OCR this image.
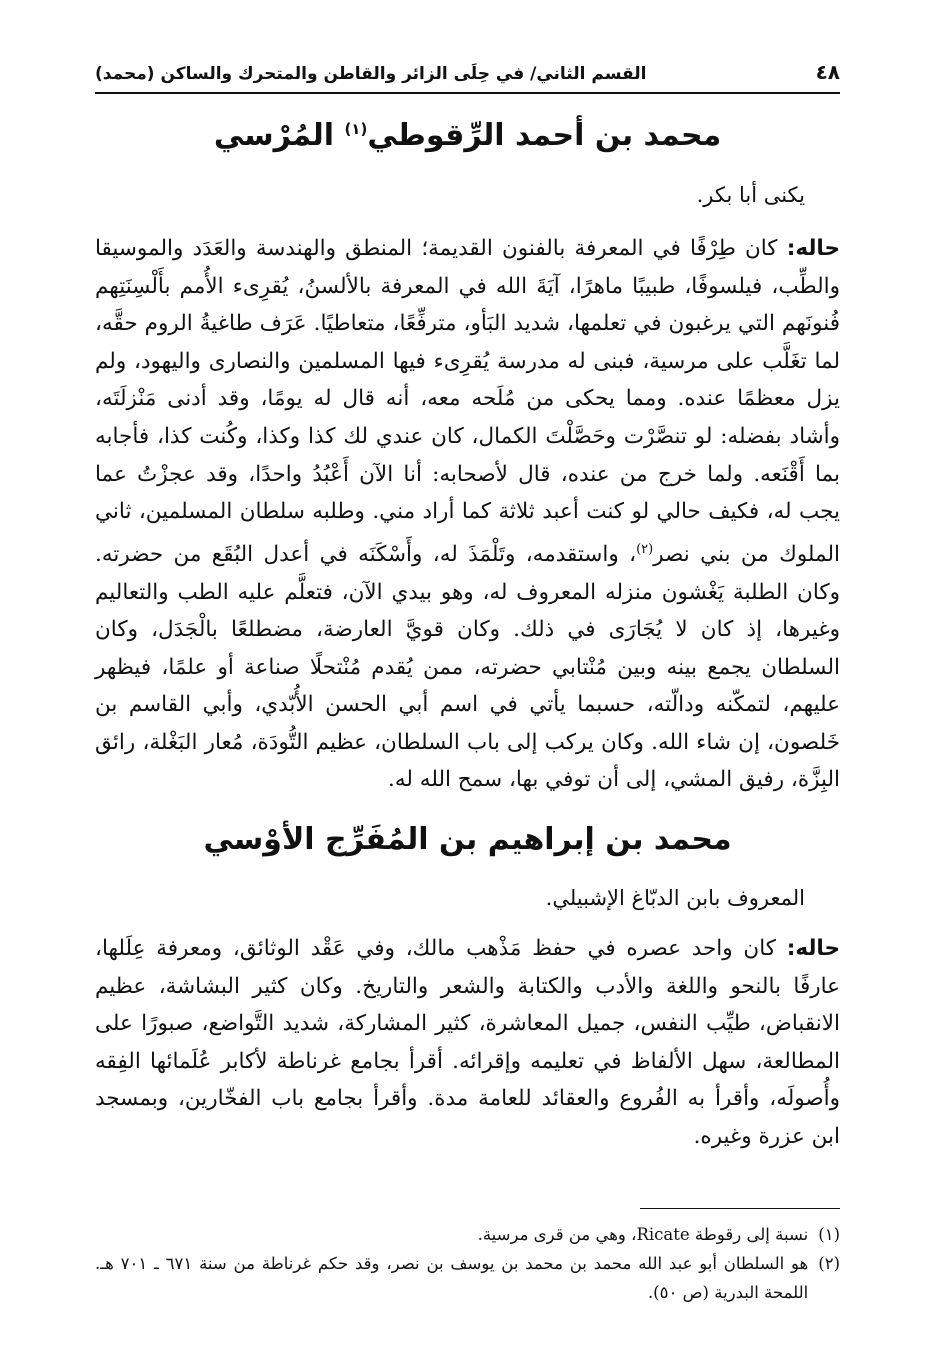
٤٨
القسم الثاني/ في حِلَى الزائر والقاطن والمتحرك والساكن (محمد)
محمد بن أحمد الرِّقوطي$^{(١)}$ المُرْسي
يكنى أبا بكر.

حاله: كان طِرْفًا في المعرفة بالفنون القديمة؛ المنطق والهندسة والعَدَد والموسيقا والطِّب، فيلسوفًا، طبيبًا ماهرًا، آيَةَ الله في المعرفة بالألسنُ، يُقرِىء الأُمم بأَلْسِنَتِهم فُنونَهم التي يرغبون في تعلمها، شديد البَأو، مترفِّعًا، متعاطيًا. عَرَف طاغيةُ الروم حقَّه، لما تغَلَّب على مرسية، فبنى له مدرسة يُقرِىء فيها المسلمين والنصارى واليهود، ولم يزل معظمًا عنده. ومما يحكى من مُلَحه معه، أنه قال له يومًا، وقد أدنى مَنْزلَتَه، وأشاد بفضله: لو تنصَّرْت وحَصَّلْتَ الكمال، كان عندي لك كذا وكذا، وكُنت كذا، فأجابه بما أَقْنَعه. ولما خرج من عنده، قال لأصحابه: أنا الآن أَعْبُدُ واحدًا، وقد عجزْتُ عما يجب له، فكيف حالي لو كنت أعبد ثلاثة كما أراد مني. وطلبه سلطان المسلمين، ثاني الملوك من بني نصر$^{(٢)}$، واستقدمه، وتَلْمَذَ له، وأَسْكَنَه في أعدل البُقَع من حضرته. وكان الطلبة يَغْشون منزله المعروف له، وهو بيدي الآن، فتعلَّم عليه الطب والتعاليم وغيرها، إذ كان لا يُجَارَى في ذلك. وكان قويَّ العارضة، مضطلعًا بالْجَدَل، وكان السلطان يجمع بينه وبين مُنْتابي حضرته، ممن يُقدم مُنْتحلًا صناعة أو علمًا، فيظهر عليهم، لتمكّنه ودالّته، حسبما يأتي في اسم أبي الحسن الأُبّدي، وأبي القاسم بن خَلصون، إن شاء الله. وكان يركب إلى باب السلطان، عظيم التُّودَة، مُعار البَغْلة، رائق البِزَّة، رفيق المشي، إلى أن توفي بها، سمح الله له.

محمد بن إبراهيم بن المُفَرِّج الأوْسي
المعروف بابن الدبّاغ الإشبيلي.

حاله: كان واحد عصره في حفظ مَذْهب مالك، وفي عَقْد الوثائق، ومعرفة عِلَلها، عارفًا بالنحو واللغة والأدب والكتابة والشعر والتاريخ. وكان كثير البشاشة، عظيم الانقباض، طيِّب النفس، جميل المعاشرة، كثير المشاركة، شديد التَّواضع، صبورًا على المطالعة، سهل الألفاظ في تعليمه وإقرائه. أقرأ بجامع غرناطة لأكابر عُلَمائها الفِقه وأُصولَه، وأقرأ به الفُروع والعقائد للعامة مدة. وأقرأ بجامع باب الفخّارين، وبمسجد ابن عزرة وغيره.

(١)
نسبة إلى رقوطة Ricate، وهي من قرى مرسية.
(٢)
هو السلطان أبو عبد الله محمد بن محمد بن يوسف بن نصر، وقد حكم غرناطة من سنة ٦٧١ ـ ٧٠١ هـ. اللمحة البدرية (ص ٥٠).
